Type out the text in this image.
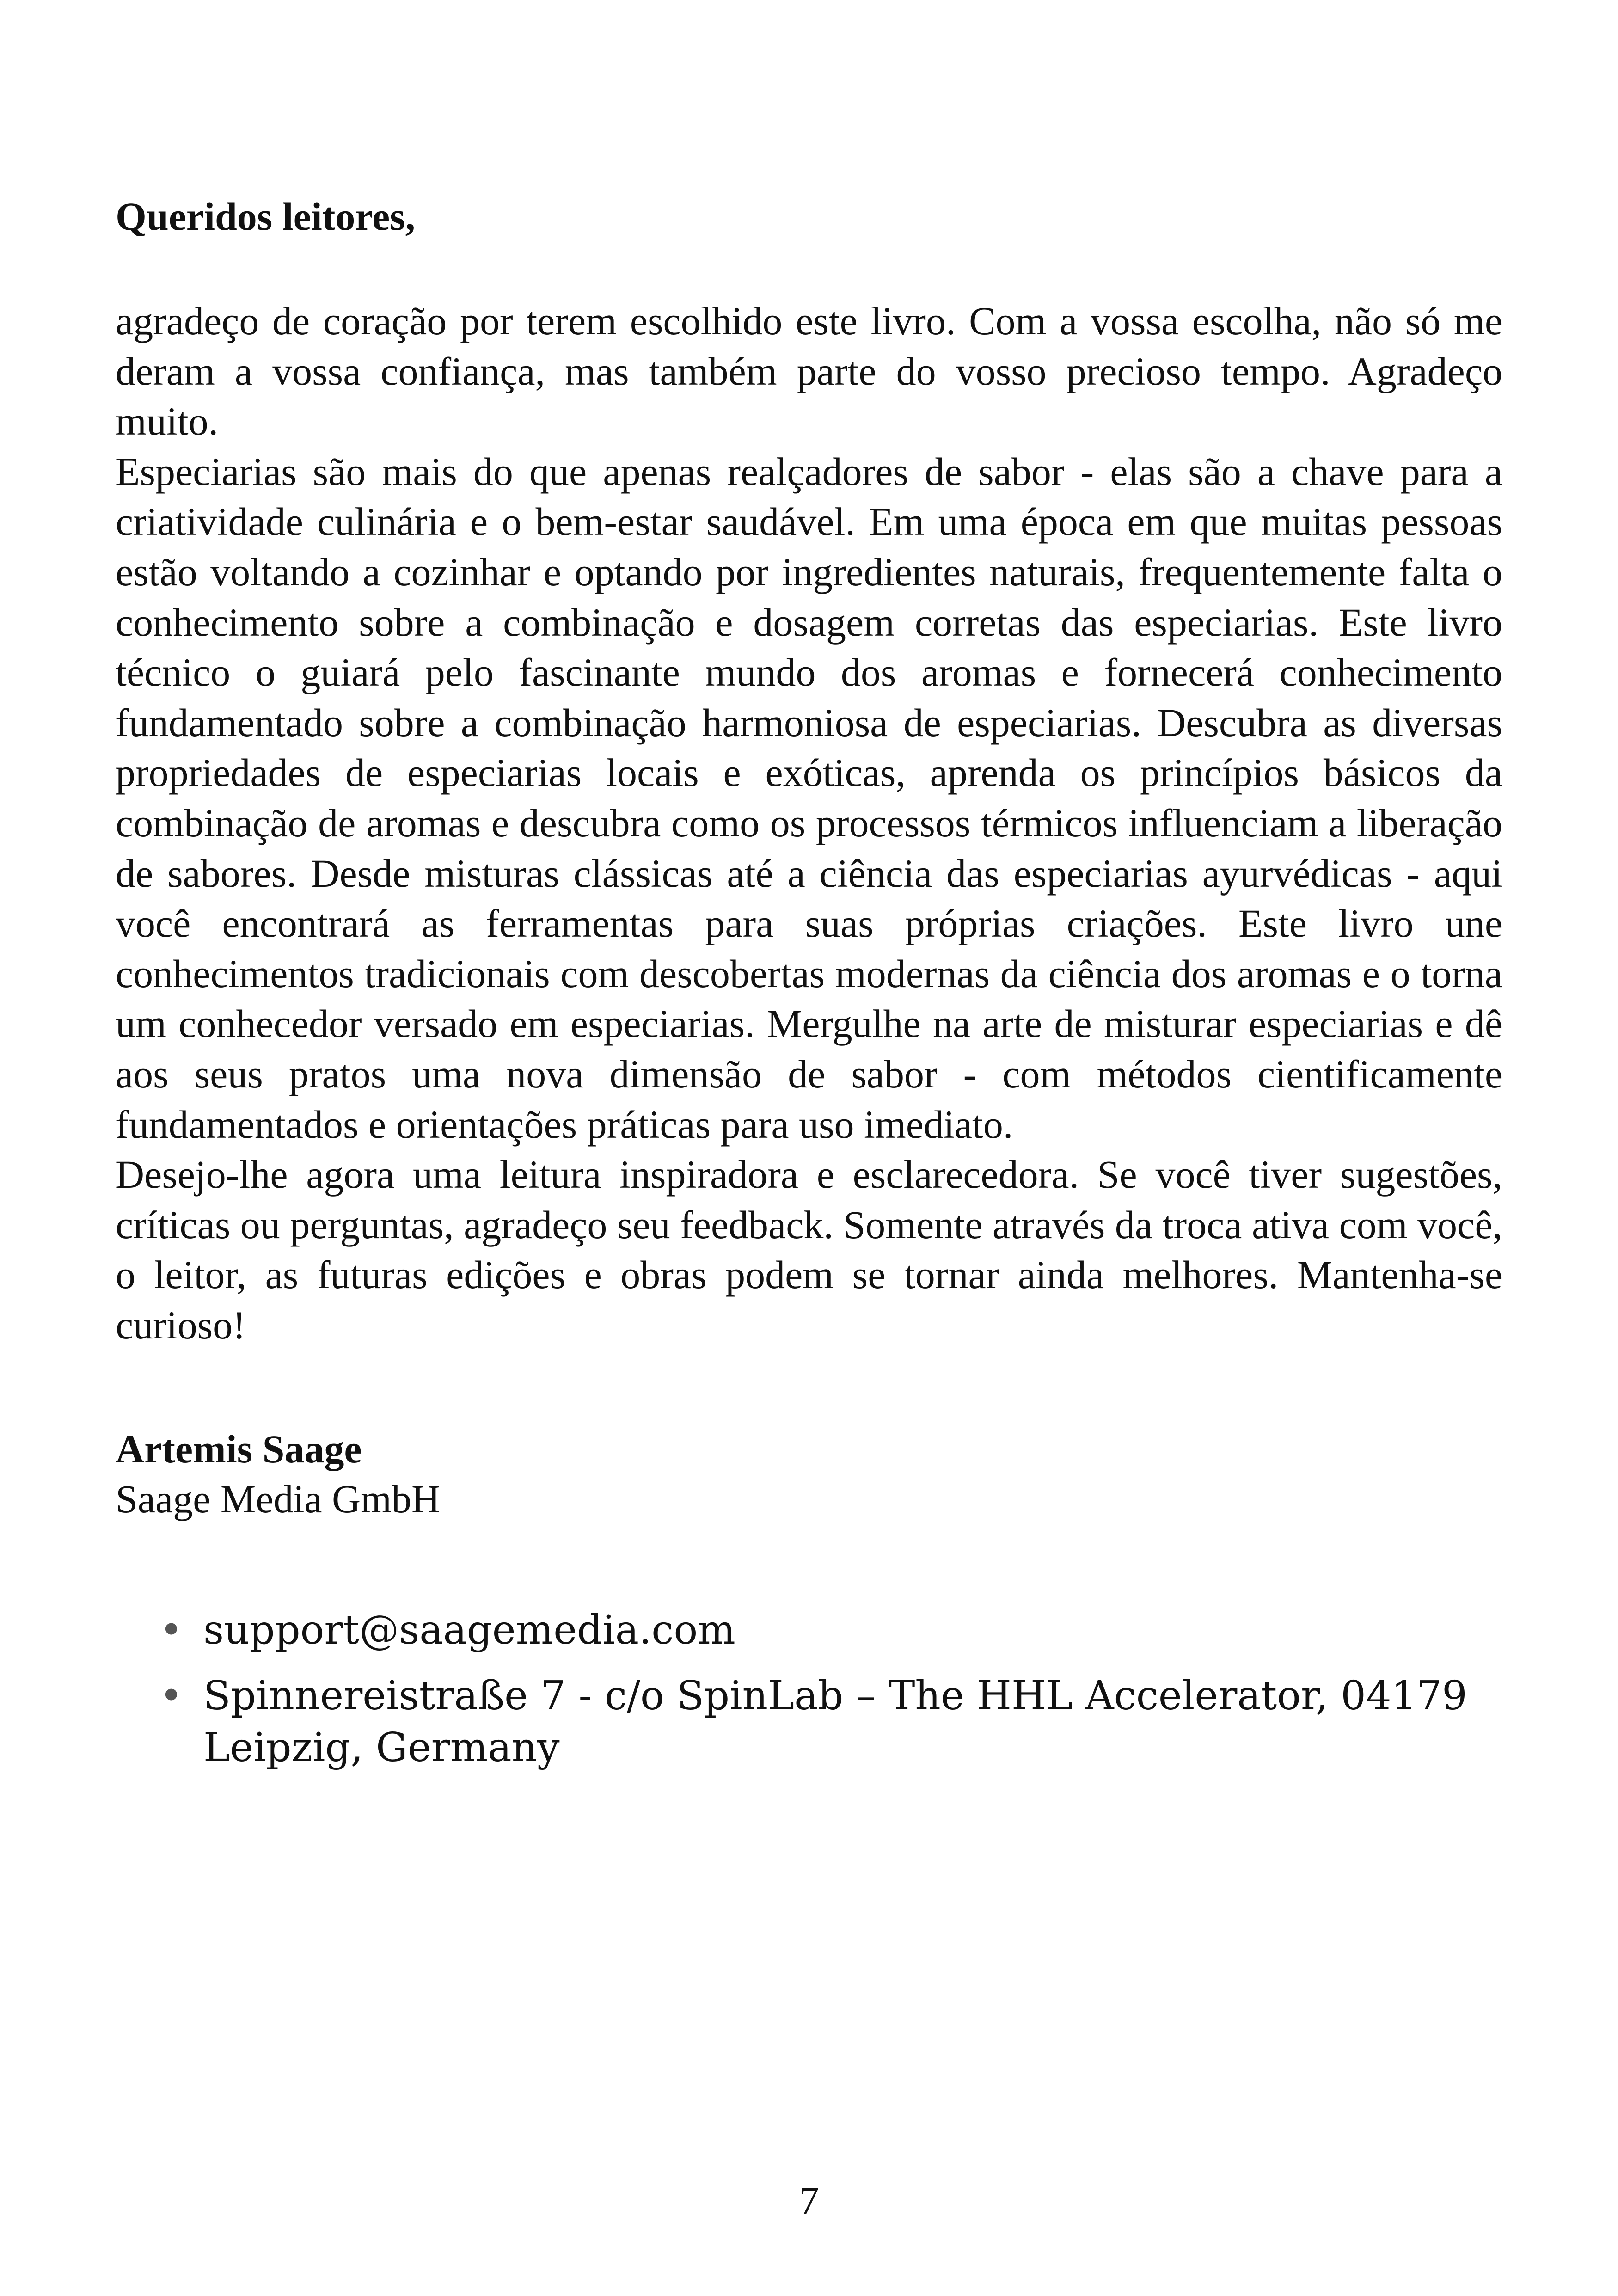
Queridos leitores,

agradeço de coração por terem escolhido este livro. Com a vossa escolha, não só me deram a vossa confiança, mas também parte do vosso precioso tempo. Agradeço muito.

Especiarias são mais do que apenas realçadores de sabor - elas são a chave para a criatividade culinária e o bem-estar saudável. Em uma época em que muitas pessoas estão voltando a cozinhar e optando por ingredientes naturais, frequentemente falta o conhecimento sobre a combinação e dosagem corretas das especiarias. Este livro técnico o guiará pelo fascinante mundo dos aromas e fornecerá conhecimento fundamentado sobre a combinação harmoniosa de especiarias. Descubra as diversas propriedades de especiarias locais e exóticas, aprenda os princípios básicos da combinação de aromas e descubra como os processos térmicos influenciam a liberação de sabores. Desde misturas clássicas até a ciência das especiarias ayurvédicas - aqui você encontrará as ferramentas para suas próprias criações. Este livro une conhecimentos tradicionais com descobertas modernas da ciência dos aromas e o torna um conhecedor versado em especiarias. Mergulhe na arte de misturar especiarias e dê aos seus pratos uma nova dimensão de sabor - com métodos cientificamente fundamentados e orientações práticas para uso imediato.

Desejo-lhe agora uma leitura inspiradora e esclarecedora. Se você tiver sugestões, críticas ou perguntas, agradeço seu feedback. Somente através da troca ativa com você, o leitor, as futuras edições e obras podem se tornar ainda melhores. Mantenha-se curioso!

Artemis Saage
Saage Media GmbH
• support@saagemedia.com
• Spinnereistraße 7 - c/o SpinLab – The HHL Accelerator, 04179 Leipzig, Germany
7
